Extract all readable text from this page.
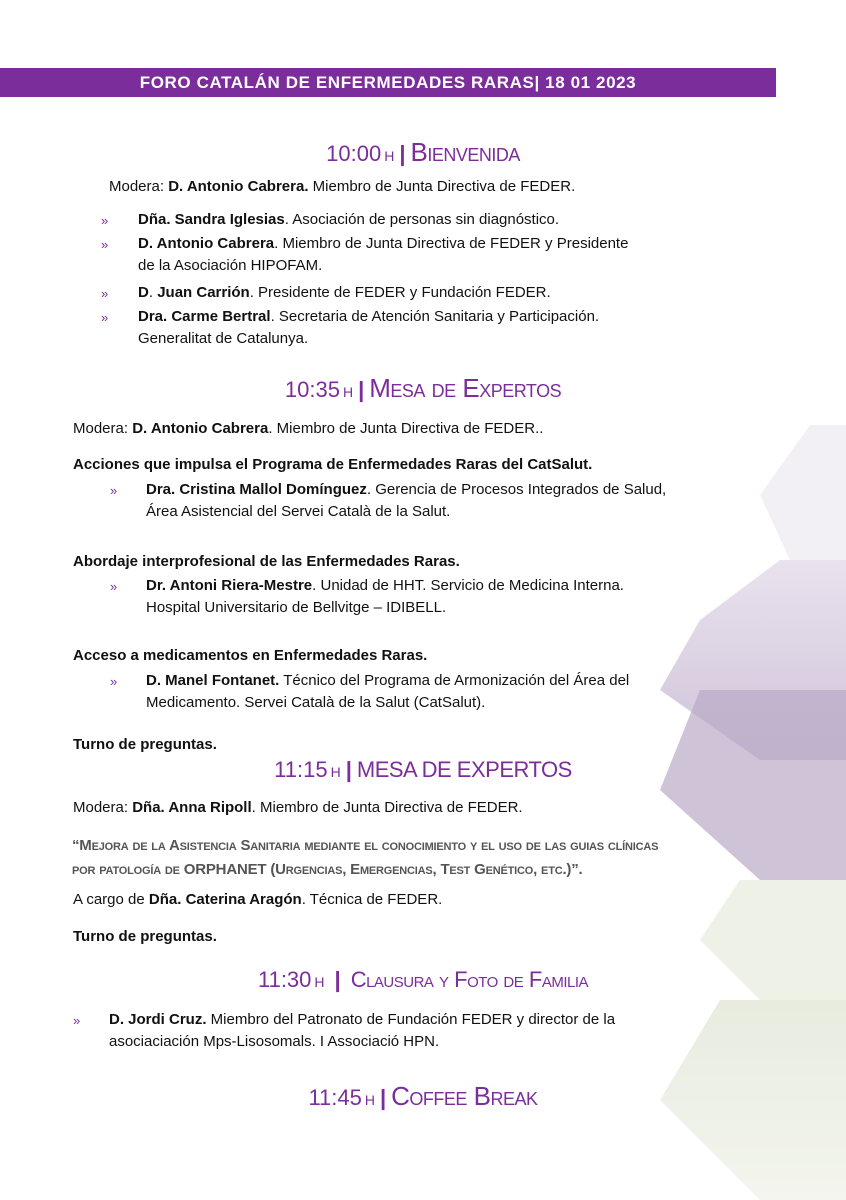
FORO CATALÁN DE ENFERMEDADES RARAS| 18 01 2023
10:00 H | Bienvenida
Modera: D. Antonio Cabrera. Miembro de Junta Directiva de FEDER.
» Dña. Sandra Iglesias. Asociación de personas sin diagnóstico.
» D. Antonio Cabrera. Miembro de Junta Directiva de FEDER y Presidente
de la Asociación HIPOFAM.
» D. Juan Carrión. Presidente de FEDER y Fundación FEDER.
» Dra. Carme Bertral. Secretaria de Atención Sanitaria y Participación.
Generalitat de Catalunya.
10:35 H | Mesa de Expertos
Modera: D. Antonio Cabrera. Miembro de Junta Directiva de FEDER..
Acciones que impulsa el Programa de Enfermedades Raras del CatSalut.
» Dra. Cristina Mallol Domínguez. Gerencia de Procesos Integrados de Salud,
Área Asistencial del Servei Català de la Salut.
Abordaje interprofesional de las Enfermedades Raras.
» Dr. Antoni Riera-Mestre. Unidad de HHT. Servicio de Medicina Interna.
Hospital Universitario de Bellvitge – IDIBELL.
Acceso a medicamentos en Enfermedades Raras.
» D. Manel Fontanet. Técnico del Programa de Armonización del Área del
Medicamento. Servei Català de la Salut (CatSalut).
Turno de preguntas.
11:15 H | MESA DE EXPERTOS
Modera: Dña. Anna Ripoll. Miembro de Junta Directiva de FEDER.
“Mejora de la Asistencia Sanitaria mediante el conocimiento y el uso de las guias clínicas
por patología de ORPHANET (Urgencias, Emergencias, Test Genético, etc.)”.
A cargo de Dña. Caterina Aragón. Técnica de FEDER.
Turno de preguntas.
11:30 H | Clausura y Foto de Familia
» D. Jordi Cruz. Miembro del Patronato de Fundación FEDER y director de la
asociaciación Mps-Lisosomals. I Associació HPN.
11:45 H | Coffee Break
